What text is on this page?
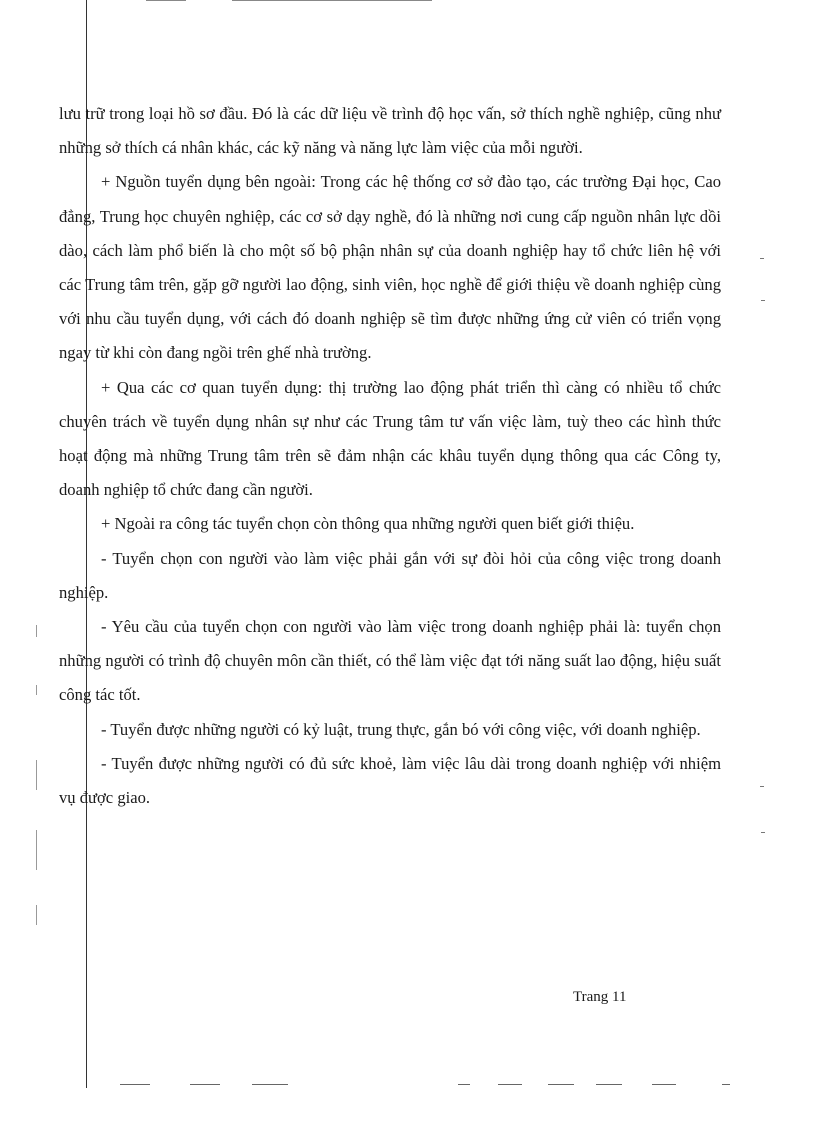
lưu trữ trong loại hồ sơ đầu. Đó là các dữ liệu về trình độ học vấn, sở thích nghề nghiệp, cũng như những sở thích cá nhân khác, các kỹ năng và năng lực làm việc của mỗi người.

+ Nguồn tuyển dụng bên ngoài: Trong các hệ thống cơ sở đào tạo, các trường Đại học, Cao đẳng, Trung học chuyên nghiệp, các cơ sở dạy nghề, đó là những nơi cung cấp nguồn nhân lực dồi dào, cách làm phổ biến là cho một số bộ phận nhân sự của doanh nghiệp hay tổ chức liên hệ với các Trung tâm trên, gặp gỡ người lao động, sinh viên, học nghề để giới thiệu về doanh nghiệp cùng với nhu cầu tuyển dụng, với cách đó doanh nghiệp sẽ tìm được những ứng cử viên có triển vọng ngay từ khi còn đang ngồi trên ghế nhà trường.

+ Qua các cơ quan tuyển dụng: thị trường lao động phát triển thì càng có nhiều tổ chức chuyên trách về tuyển dụng nhân sự như các Trung tâm tư vấn việc làm, tuỳ theo các hình thức hoạt động mà những Trung tâm trên sẽ đảm nhận các khâu tuyển dụng thông qua các Công ty, doanh nghiệp tổ chức đang cần người.

+ Ngoài ra công tác tuyển chọn còn thông qua những người quen biết giới thiệu.

- Tuyển chọn con người vào làm việc phải gắn với sự đòi hỏi của công việc trong doanh nghiệp.

- Yêu cầu của tuyển chọn con người vào làm việc trong doanh nghiệp phải là: tuyển chọn những người có trình độ chuyên môn cần thiết, có thể làm việc đạt tới năng suất lao động, hiệu suất công tác tốt.

- Tuyển được những người có kỷ luật, trung thực, gắn bó với công việc, với doanh nghiệp.

- Tuyển được những người có đủ sức khoẻ, làm việc lâu dài trong doanh nghiệp với nhiệm vụ được giao.

Trang 11
